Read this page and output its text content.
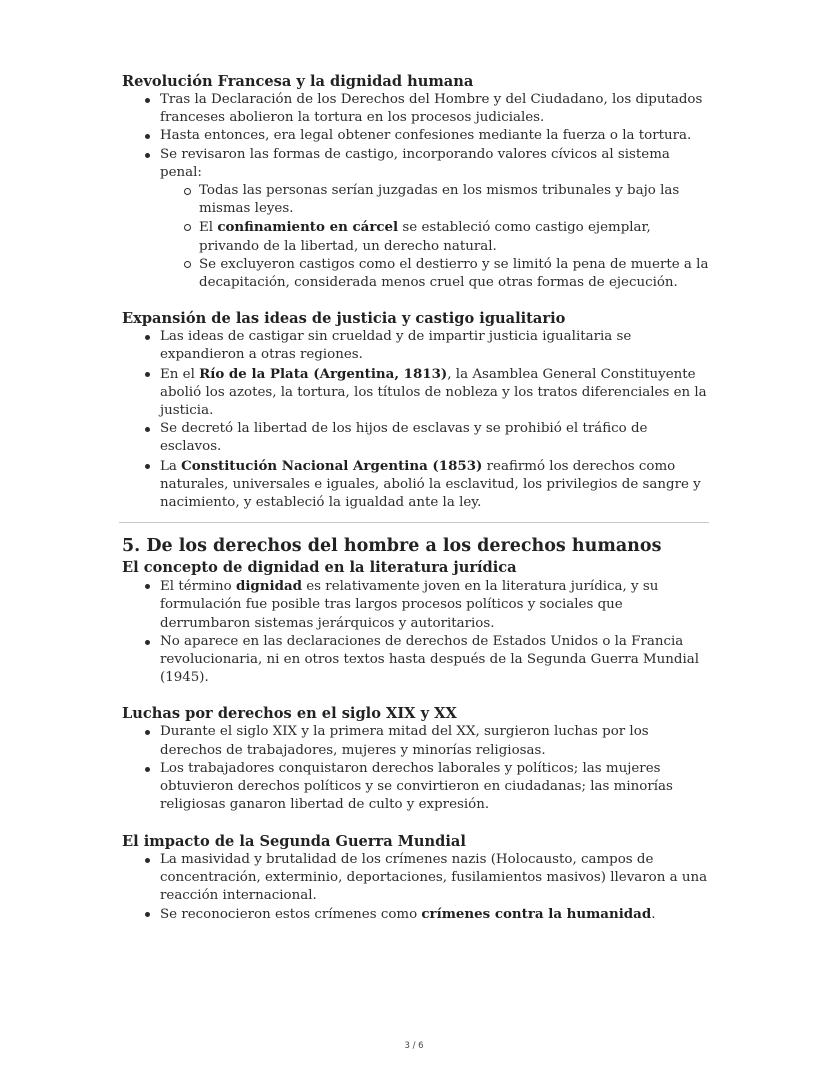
Revolución Francesa y la dignidad humana
Tras la Declaración de los Derechos del Hombre y del Ciudadano, los diputados franceses abolieron la tortura en los procesos judiciales.
Hasta entonces, era legal obtener confesiones mediante la fuerza o la tortura.
Se revisaron las formas de castigo, incorporando valores cívicos al sistema penal:
Todas las personas serían juzgadas en los mismos tribunales y bajo las mismas leyes.
El confinamiento en cárcel se estableció como castigo ejemplar, privando de la libertad, un derecho natural.
Se excluyeron castigos como el destierro y se limitó la pena de muerte a la decapitación, considerada menos cruel que otras formas de ejecución.
Expansión de las ideas de justicia y castigo igualitario
Las ideas de castigar sin crueldad y de impartir justicia igualitaria se expandieron a otras regiones.
En el Río de la Plata (Argentina, 1813), la Asamblea General Constituyente abolió los azotes, la tortura, los títulos de nobleza y los tratos diferenciales en la justicia.
Se decretó la libertad de los hijos de esclavas y se prohibió el tráfico de esclavos.
La Constitución Nacional Argentina (1853) reafirmó los derechos como naturales, universales e iguales, abolió la esclavitud, los privilegios de sangre y nacimiento, y estableció la igualdad ante la ley.
5. De los derechos del hombre a los derechos humanos
El concepto de dignidad en la literatura jurídica
El término dignidad es relativamente joven en la literatura jurídica, y su formulación fue posible tras largos procesos políticos y sociales que derrumbaron sistemas jerárquicos y autoritarios.
No aparece en las declaraciones de derechos de Estados Unidos o la Francia revolucionaria, ni en otros textos hasta después de la Segunda Guerra Mundial (1945).
Luchas por derechos en el siglo XIX y XX
Durante el siglo XIX y la primera mitad del XX, surgieron luchas por los derechos de trabajadores, mujeres y minorías religiosas.
Los trabajadores conquistaron derechos laborales y políticos; las mujeres obtuvieron derechos políticos y se convirtieron en ciudadanas; las minorías religiosas ganaron libertad de culto y expresión.
El impacto de la Segunda Guerra Mundial
La masividad y brutalidad de los crímenes nazis (Holocausto, campos de concentración, exterminio, deportaciones, fusilamientos masivos) llevaron a una reacción internacional.
Se reconocieron estos crímenes como crímenes contra la humanidad.
3 / 6
